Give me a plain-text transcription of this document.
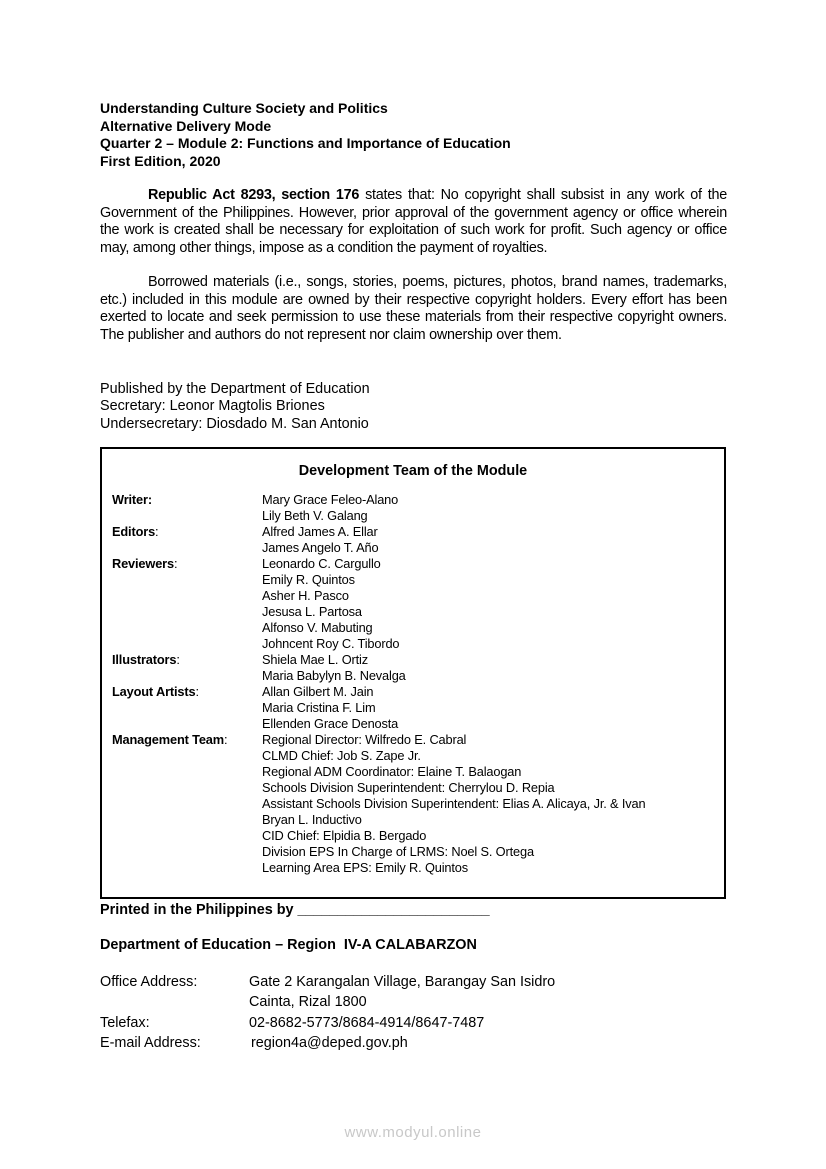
Understanding Culture Society and Politics
Alternative Delivery Mode
Quarter 2 – Module 2: Functions and Importance of Education
First Edition, 2020
Republic Act 8293, section 176 states that: No copyright shall subsist in any work of the Government of the Philippines. However, prior approval of the government agency or office wherein the work is created shall be necessary for exploitation of such work for profit. Such agency or office may, among other things, impose as a condition the payment of royalties.
Borrowed materials (i.e., songs, stories, poems, pictures, photos, brand names, trademarks, etc.) included in this module are owned by their respective copyright holders. Every effort has been exerted to locate and seek permission to use these materials from their respective copyright owners. The publisher and authors do not represent nor claim ownership over them.
Published by the Department of Education
Secretary: Leonor Magtolis Briones
Undersecretary: Diosdado M. San Antonio
Development Team of the Module
Writer:	Mary Grace Feleo-Alano
Lily Beth V. Galang
Editors:	Alfred James A. Ellar
James Angelo T. Año
Reviewers:	Leonardo C. Cargullo
Emily R. Quintos
Asher H. Pasco
Jesusa L. Partosa
Alfonso V. Mabuting
Johncent Roy C. Tibordo
Illustrators:	Shiela Mae L. Ortiz
Maria Babylyn B. Nevalga
Layout Artists:	Allan Gilbert M. Jain
Maria Cristina F. Lim
Ellenden Grace Denosta
Management Team:	Regional Director: Wilfredo E. Cabral
CLMD Chief: Job S. Zape Jr.
Regional ADM Coordinator: Elaine T. Balaogan
Schools Division Superintendent: Cherrylou D. Repia
Assistant Schools Division Superintendent: Elias A. Alicaya, Jr. & Ivan
Bryan L. Inductivo
CID Chief: Elpidia B. Bergado
Division EPS In Charge of LRMS: Noel S. Ortega
Learning Area EPS: Emily R. Quintos
Printed in the Philippines by ________________________
Department of Education – Region  IV-A CALABARZON
Office Address:	Gate 2 Karangalan Village, Barangay San Isidro
Cainta, Rizal 1800
Telefax:	02-8682-5773/8684-4914/8647-7487
E-mail Address:	region4a@deped.gov.ph
www.modyul.online
